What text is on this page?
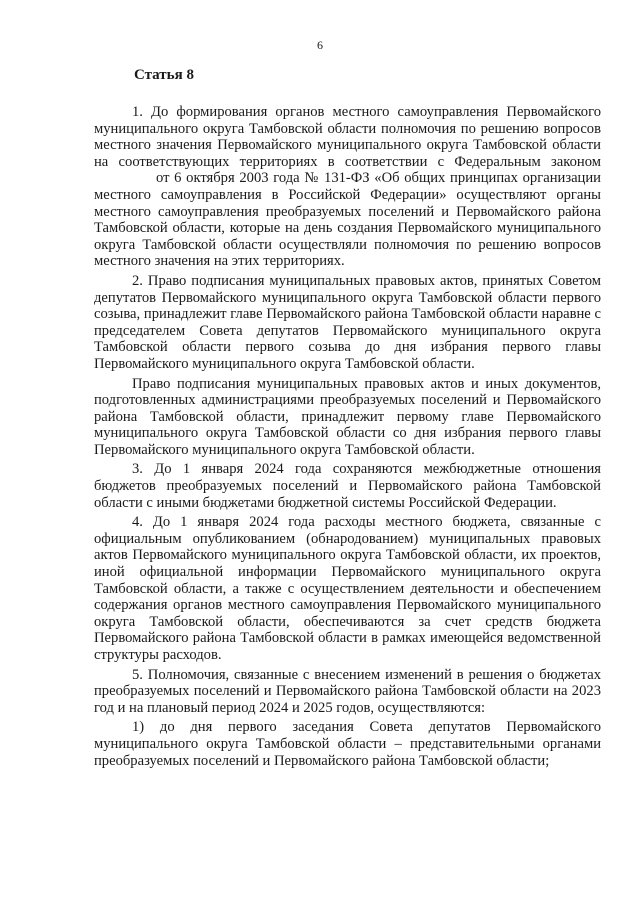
6
Статья 8

1. До формирования органов местного самоуправления Первомайского муниципального округа Тамбовской области полномочия по решению вопросов местного значения Первомайского муниципального округа Тамбовской области на соответствующих территориях в соответствии с Федеральным закономот 6 октября 2003 года № 131-ФЗ «Об общих принципах организации местного самоуправления в Российской Федерации» осуществляют органы местного самоуправления преобразуемых поселений и Первомайского района Тамбовской области, которые на день создания Первомайского муниципального округа Тамбовской области осуществляли полномочия по решению вопросов местного значения на этих территориях.

2. Право подписания муниципальных правовых актов, принятых Советом депутатов Первомайского муниципального округа Тамбовской области первого созыва, принадлежит главе Первомайского района Тамбовской области наравне с председателем Совета депутатов Первомайского муниципального округа Тамбовской области первого созыва до дня избрания первого главы Первомайского муниципального округа Тамбовской области.

Право подписания муниципальных правовых актов и иных документов, подготовленных администрациями преобразуемых поселений и Первомайского района Тамбовской области, принадлежит первому главе Первомайского муниципального округа Тамбовской области со дня избрания первого главы Первомайского муниципального округа Тамбовской области.

3. До 1 января 2024 года сохраняются межбюджетные отношения бюджетов преобразуемых поселений и Первомайского района Тамбовской области с иными бюджетами бюджетной системы Российской Федерации.

4. До 1 января 2024 года расходы местного бюджета, связанные с официальным опубликованием (обнародованием) муниципальных правовых актов Первомайского муниципального округа Тамбовской области, их проектов, иной официальной информации Первомайского муниципального округа Тамбовской области, а также с осуществлением деятельности и обеспечением содержания органов местного самоуправления Первомайского муниципального округа Тамбовской области, обеспечиваются за счет средств бюджета Первомайского района Тамбовской области в рамках имеющейся ведомственной структуры расходов.

5. Полномочия, связанные с внесением изменений в решения о бюджетах преобразуемых поселений и Первомайского района Тамбовской области на 2023 год и на плановый период 2024 и 2025 годов, осуществляются:

1) до дня первого заседания Совета депутатов Первомайского муниципального округа Тамбовской области – представительными органами преобразуемых поселений и Первомайского района Тамбовской области;
